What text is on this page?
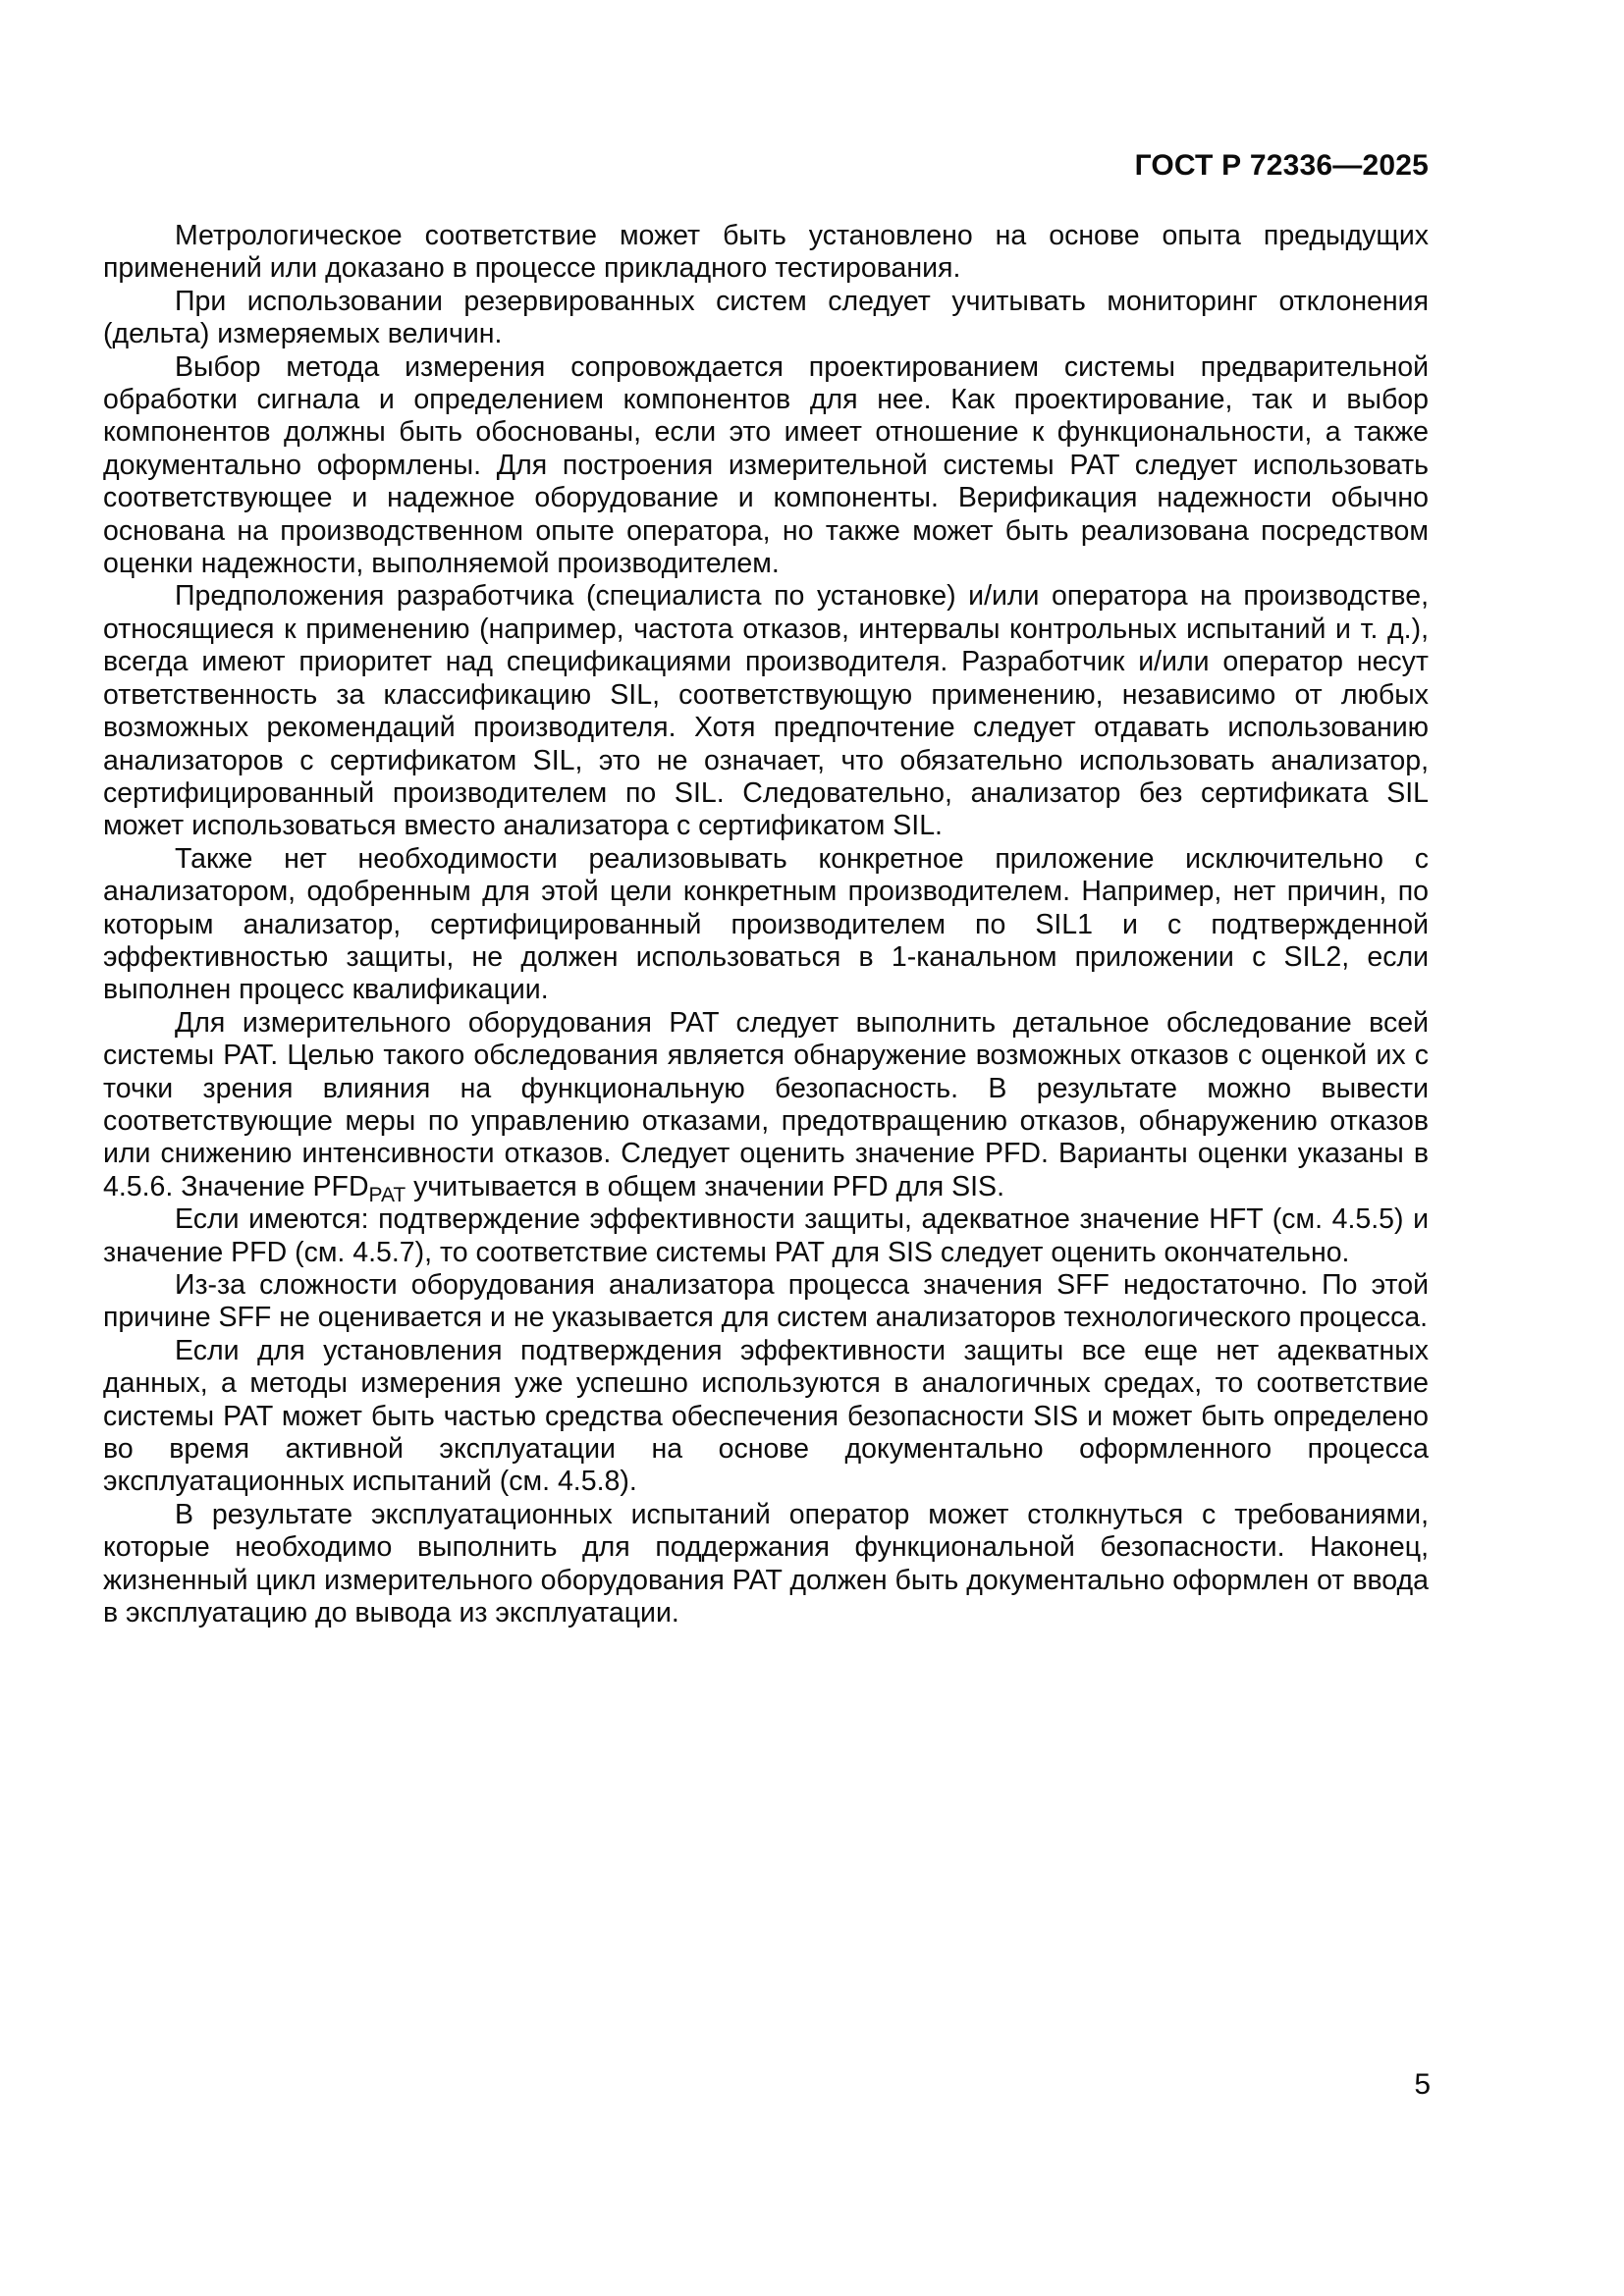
ГОСТ Р 72336—2025

Метрологическое соответствие может быть установлено на основе опыта предыдущих применений или доказано в процессе прикладного тестирования.

При использовании резервированных систем следует учитывать мониторинг отклонения (дельта) измеряемых величин.

Выбор метода измерения сопровождается проектированием системы предварительной обработки сигнала и определением компонентов для нее. Как проектирование, так и выбор компонентов должны быть обоснованы, если это имеет отношение к функциональности, а также документально оформлены. Для построения измерительной системы PAT следует использовать соответствующее и надежное оборудование и компоненты. Верификация надежности обычно основана на производственном опыте оператора, но также может быть реализована посредством оценки надежности, выполняемой производителем.

Предположения разработчика (специалиста по установке) и/или оператора на производстве, относящиеся к применению (например, частота отказов, интервалы контрольных испытаний и т. д.), всегда имеют приоритет над спецификациями производителя. Разработчик и/или оператор несут ответственность за классификацию SIL, соответствующую применению, независимо от любых возможных рекомендаций производителя. Хотя предпочтение следует отдавать использованию анализаторов с сертификатом SIL, это не означает, что обязательно использовать анализатор, сертифицированный производителем по SIL. Следовательно, анализатор без сертификата SIL может использоваться вместо анализатора с сертификатом SIL.

Также нет необходимости реализовывать конкретное приложение исключительно с анализатором, одобренным для этой цели конкретным производителем. Например, нет причин, по которым анализатор, сертифицированный производителем по SIL1 и с подтвержденной эффективностью защиты, не должен использоваться в 1-канальном приложении с SIL2, если выполнен процесс квалификации.

Для измерительного оборудования PAT следует выполнить детальное обследование всей системы PAT. Целью такого обследования является обнаружение возможных отказов с оценкой их с точки зрения влияния на функциональную безопасность. В результате можно вывести соответствующие меры по управлению отказами, предотвращению отказов, обнаружению отказов или снижению интенсивности отказов. Следует оценить значение PFD. Варианты оценки указаны в 4.5.6. Значение $PFD_{PAT}$ учитывается в общем значении PFD для SIS.

Если имеются: подтверждение эффективности защиты, адекватное значение HFT (см. 4.5.5) и значение PFD (см. 4.5.7), то соответствие системы PAT для SIS следует оценить окончательно.

Из-за сложности оборудования анализатора процесса значения SFF недостаточно. По этой причине SFF не оценивается и не указывается для систем анализаторов технологического процесса.

Если для установления подтверждения эффективности защиты все еще нет адекватных данных, а методы измерения уже успешно используются в аналогичных средах, то соответствие системы PAT может быть частью средства обеспечения безопасности SIS и может быть определено во время активной эксплуатации на основе документально оформленного процесса эксплуатационных испытаний (см. 4.5.8).

В результате эксплуатационных испытаний оператор может столкнуться с требованиями, которые необходимо выполнить для поддержания функциональной безопасности. Наконец, жизненный цикл измерительного оборудования PAT должен быть документально оформлен от ввода в эксплуатацию до вывода из эксплуатации.

5
